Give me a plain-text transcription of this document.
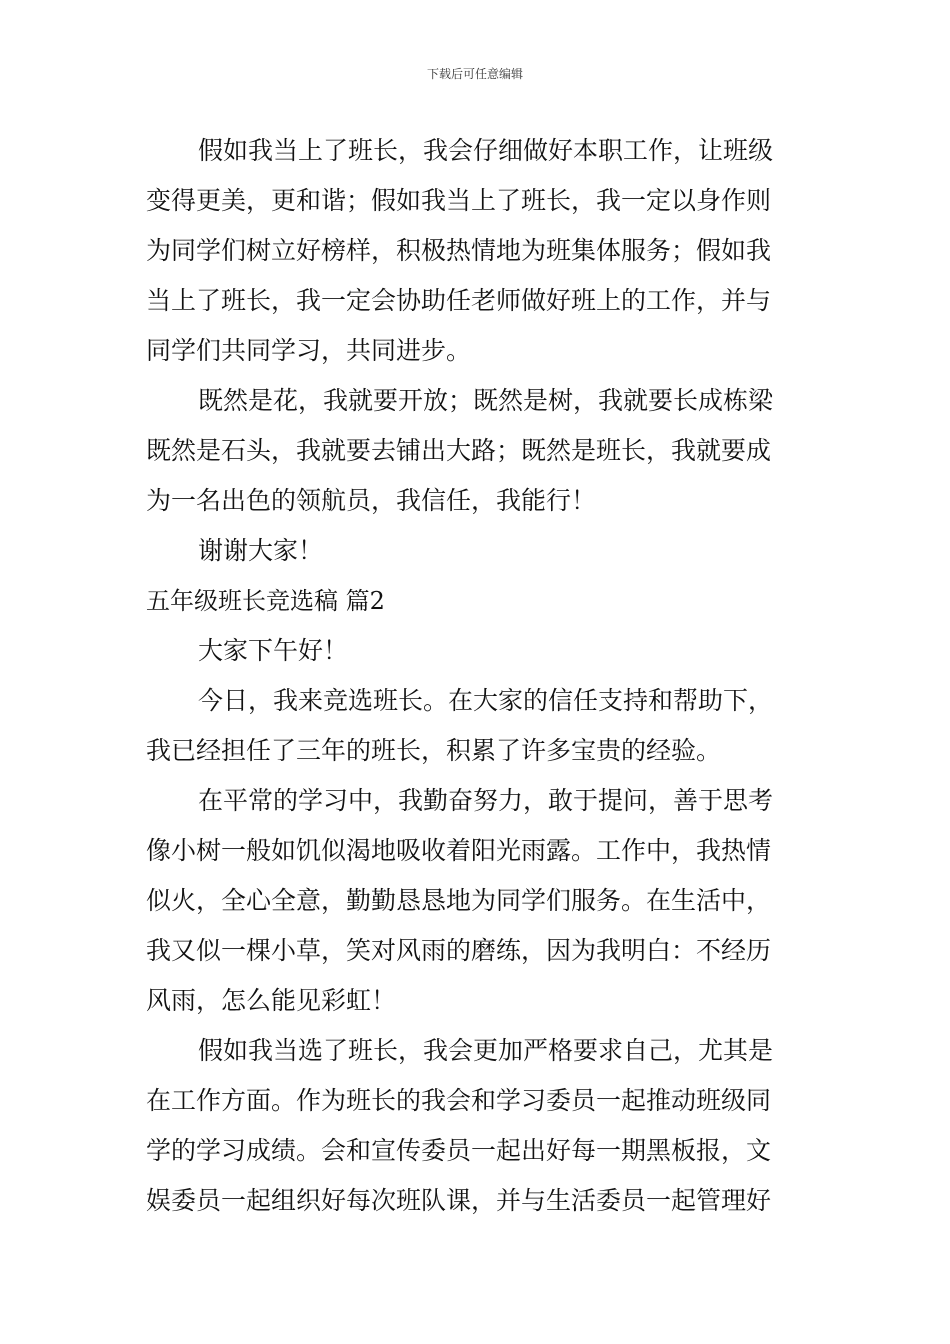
下载后可任意编辑
假如我当上了班长，我会仔细做好本职工作，让班级
变得更美，更和谐；假如我当上了班长，我一定以身作则
为同学们树立好榜样，积极热情地为班集体服务；假如我
当上了班长，我一定会协助任老师做好班上的工作，并与
同学们共同学习，共同进步。
既然是花，我就要开放；既然是树，我就要长成栋梁
既然是石头，我就要去铺出大路；既然是班长，我就要成
为一名出色的领航员，我信任，我能行！
谢谢大家！
五年级班长竞选稿 篇2
大家下午好！
今日，我来竞选班长。在大家的信任支持和帮助下，
我已经担任了三年的班长，积累了许多宝贵的经验。
在平常的学习中，我勤奋努力，敢于提问，善于思考
像小树一般如饥似渴地吸收着阳光雨露。工作中，我热情
似火，全心全意，勤勤恳恳地为同学们服务。在生活中，
我又似一棵小草，笑对风雨的磨练，因为我明白：不经历
风雨，怎么能见彩虹！
假如我当选了班长，我会更加严格要求自己，尤其是
在工作方面。作为班长的我会和学习委员一起推动班级同
学的学习成绩。会和宣传委员一起出好每一期黑板报，文
娱委员一起组织好每次班队课，并与生活委员一起管理好
